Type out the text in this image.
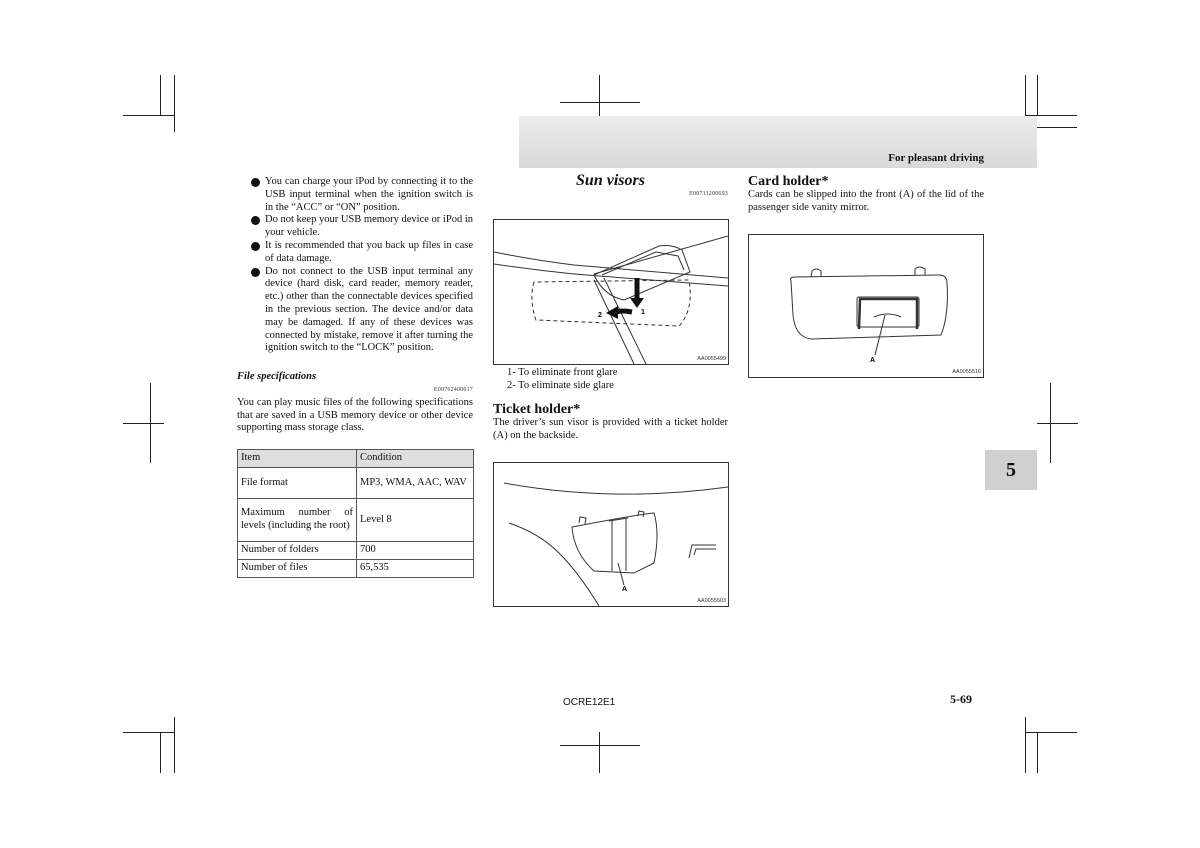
For pleasant driving
5
You can charge your iPod by connecting it to the USB input terminal when the ignition switch is in the “ACC” or “ON” position.
Do not keep your USB memory device or iPod in your vehicle.
It is recommended that you back up files in case of data damage.
Do not connect to the USB input terminal any device (hard disk, card reader, memory reader, etc.) other than the connectable devices specified in the previous section. The device and/or data may be damaged. If any of these devices was connected by mistake, remove it after turning the ignition switch to the “LOCK” position.
File specifications
E00762400017
You can play music files of the following specifications that are saved in a USB memory device or other device supporting mass storage class.
Item	Condition
File format	MP3, WMA, AAC, WAV
Maximum number of levels (including the root)	Level 8
Number of folders	700
Number of files	65,535
Sun visors
E00711200693
1
2
AA0055499
1- To eliminate front glare
2- To eliminate side glare
Ticket holder*
The driver’s sun visor is provided with a ticket holder (A) on the backside.
A
AA0055503
Card holder*
Cards can be slipped into the front (A) of the lid of the passenger side vanity mirror.
A
AA0055516
OCRE12E1	5-69
